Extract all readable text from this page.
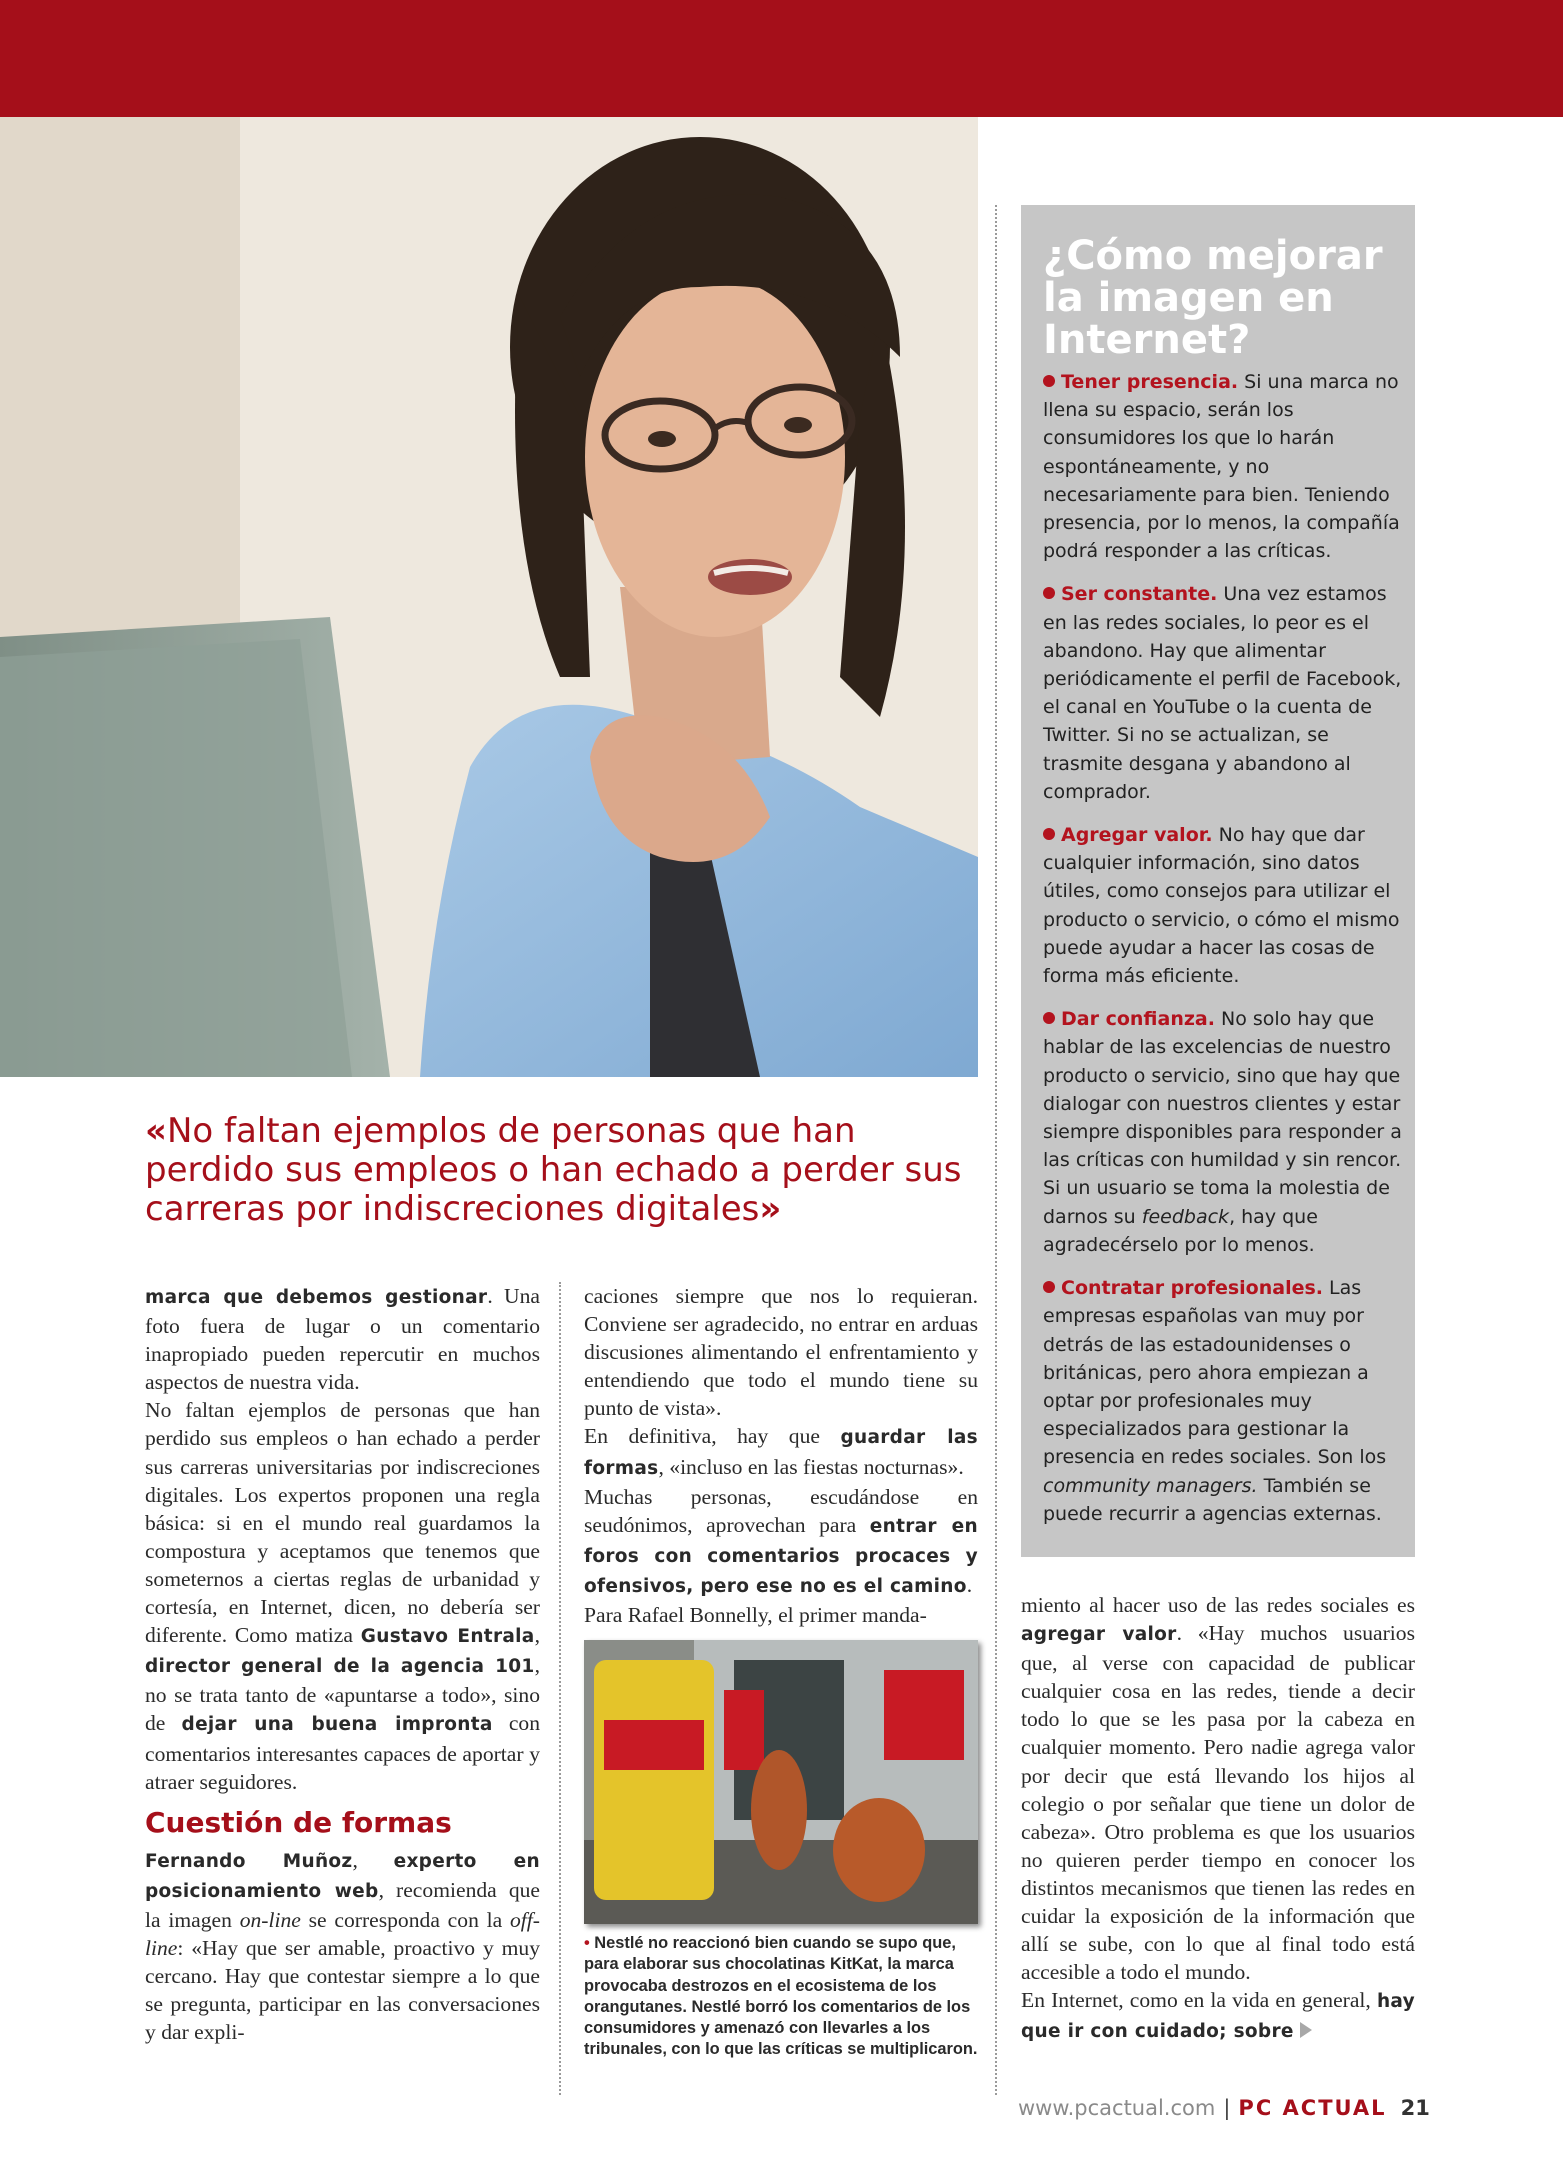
¿Cómo mejorar la imagen en Internet?

Tener presencia. Si una marca no llena su espacio, serán los consumidores los que lo harán espontáneamente, y no necesariamente para bien. Teniendo presencia, por lo menos, la compañía podrá responder a las críticas.

Ser constante. Una vez estamos en las redes sociales, lo peor es el abandono. Hay que alimentar periódicamente el perfil de Facebook, el canal en YouTube o la cuenta de Twitter. Si no se actualizan, se trasmite desgana y abandono al comprador.

Agregar valor. No hay que dar cualquier información, sino datos útiles, como consejos para utilizar el producto o servicio, o cómo el mismo puede ayudar a hacer las cosas de forma más eficiente.

Dar confianza. No solo hay que hablar de las excelencias de nuestro producto o servicio, sino que hay que dialogar con nuestros clientes y estar siempre disponibles para responder a las críticas con humildad y sin rencor. Si un usuario se toma la molestia de darnos su feedback, hay que agradecérselo por lo menos.

Contratar profesionales. Las empresas españolas van muy por detrás de las estadounidenses o británicas, pero ahora empiezan a optar por profesionales muy especializados para gestionar la presencia en redes sociales. Son los community managers. También se puede recurrir a agencias externas.

«No faltan ejemplos de personas que han perdido sus empleos o han echado a perder sus carreras por indiscreciones digitales»

marca que debemos gestionar. Una foto fuera de lugar o un comentario inapropiado pueden repercutir en muchos aspectos de nuestra vida.

No faltan ejemplos de personas que han perdido sus empleos o han echado a perder sus carreras universitarias por indiscreciones digitales. Los expertos proponen una regla básica: si en el mundo real guardamos la compostura y aceptamos que tenemos que someternos a ciertas reglas de urbanidad y cortesía, en Internet, dicen, no debería ser diferente. Como matiza Gustavo Entrala, director general de la agencia 101, no se trata tanto de «apuntarse a todo», sino de dejar una buena impronta con comentarios interesantes capaces de aportar y atraer seguidores.

Cuestión de formas

Fernando Muñoz, experto en posicionamiento web, recomienda que la imagen on-line se corresponda con la off-line: «Hay que ser amable, proactivo y muy cercano. Hay que contestar siempre a lo que se pregunta, participar en las conversaciones y dar expli-

caciones siempre que nos lo requieran. Conviene ser agradecido, no entrar en arduas discusiones alimentando el enfrentamiento y entendiendo que todo el mundo tiene su punto de vista».

En definitiva, hay que guardar las formas, «incluso en las fiestas nocturnas».

Muchas personas, escudándose en seudónimos, aprovechan para entrar en foros con comentarios procaces y ofensivos, pero ese no es el camino.

Para Rafael Bonnelly, el primer manda-

• Nestlé no reaccionó bien cuando se supo que, para elaborar sus chocolatinas KitKat, la marca provocaba destrozos en el ecosistema de los orangutanes. Nestlé borró los comentarios de los consumidores y amenazó con llevarles a los tribunales, con lo que las críticas se multiplicaron.

miento al hacer uso de las redes sociales es agregar valor. «Hay muchos usuarios que, al verse con capacidad de publicar cualquier cosa en las redes, tiende a decir todo lo que se les pasa por la cabeza en cualquier momento. Pero nadie agrega valor por decir que está llevando los hijos al colegio o por señalar que tiene un dolor de cabeza». Otro problema es que los usuarios no quieren perder tiempo en conocer los distintos mecanismos que tienen las redes en cuidar la exposición de la información que allí se sube, con lo que al final todo está accesible a todo el mundo.

En Internet, como en la vida en general, hay que ir con cuidado; sobre

www.pcactual.com | PC ACTUAL 21
